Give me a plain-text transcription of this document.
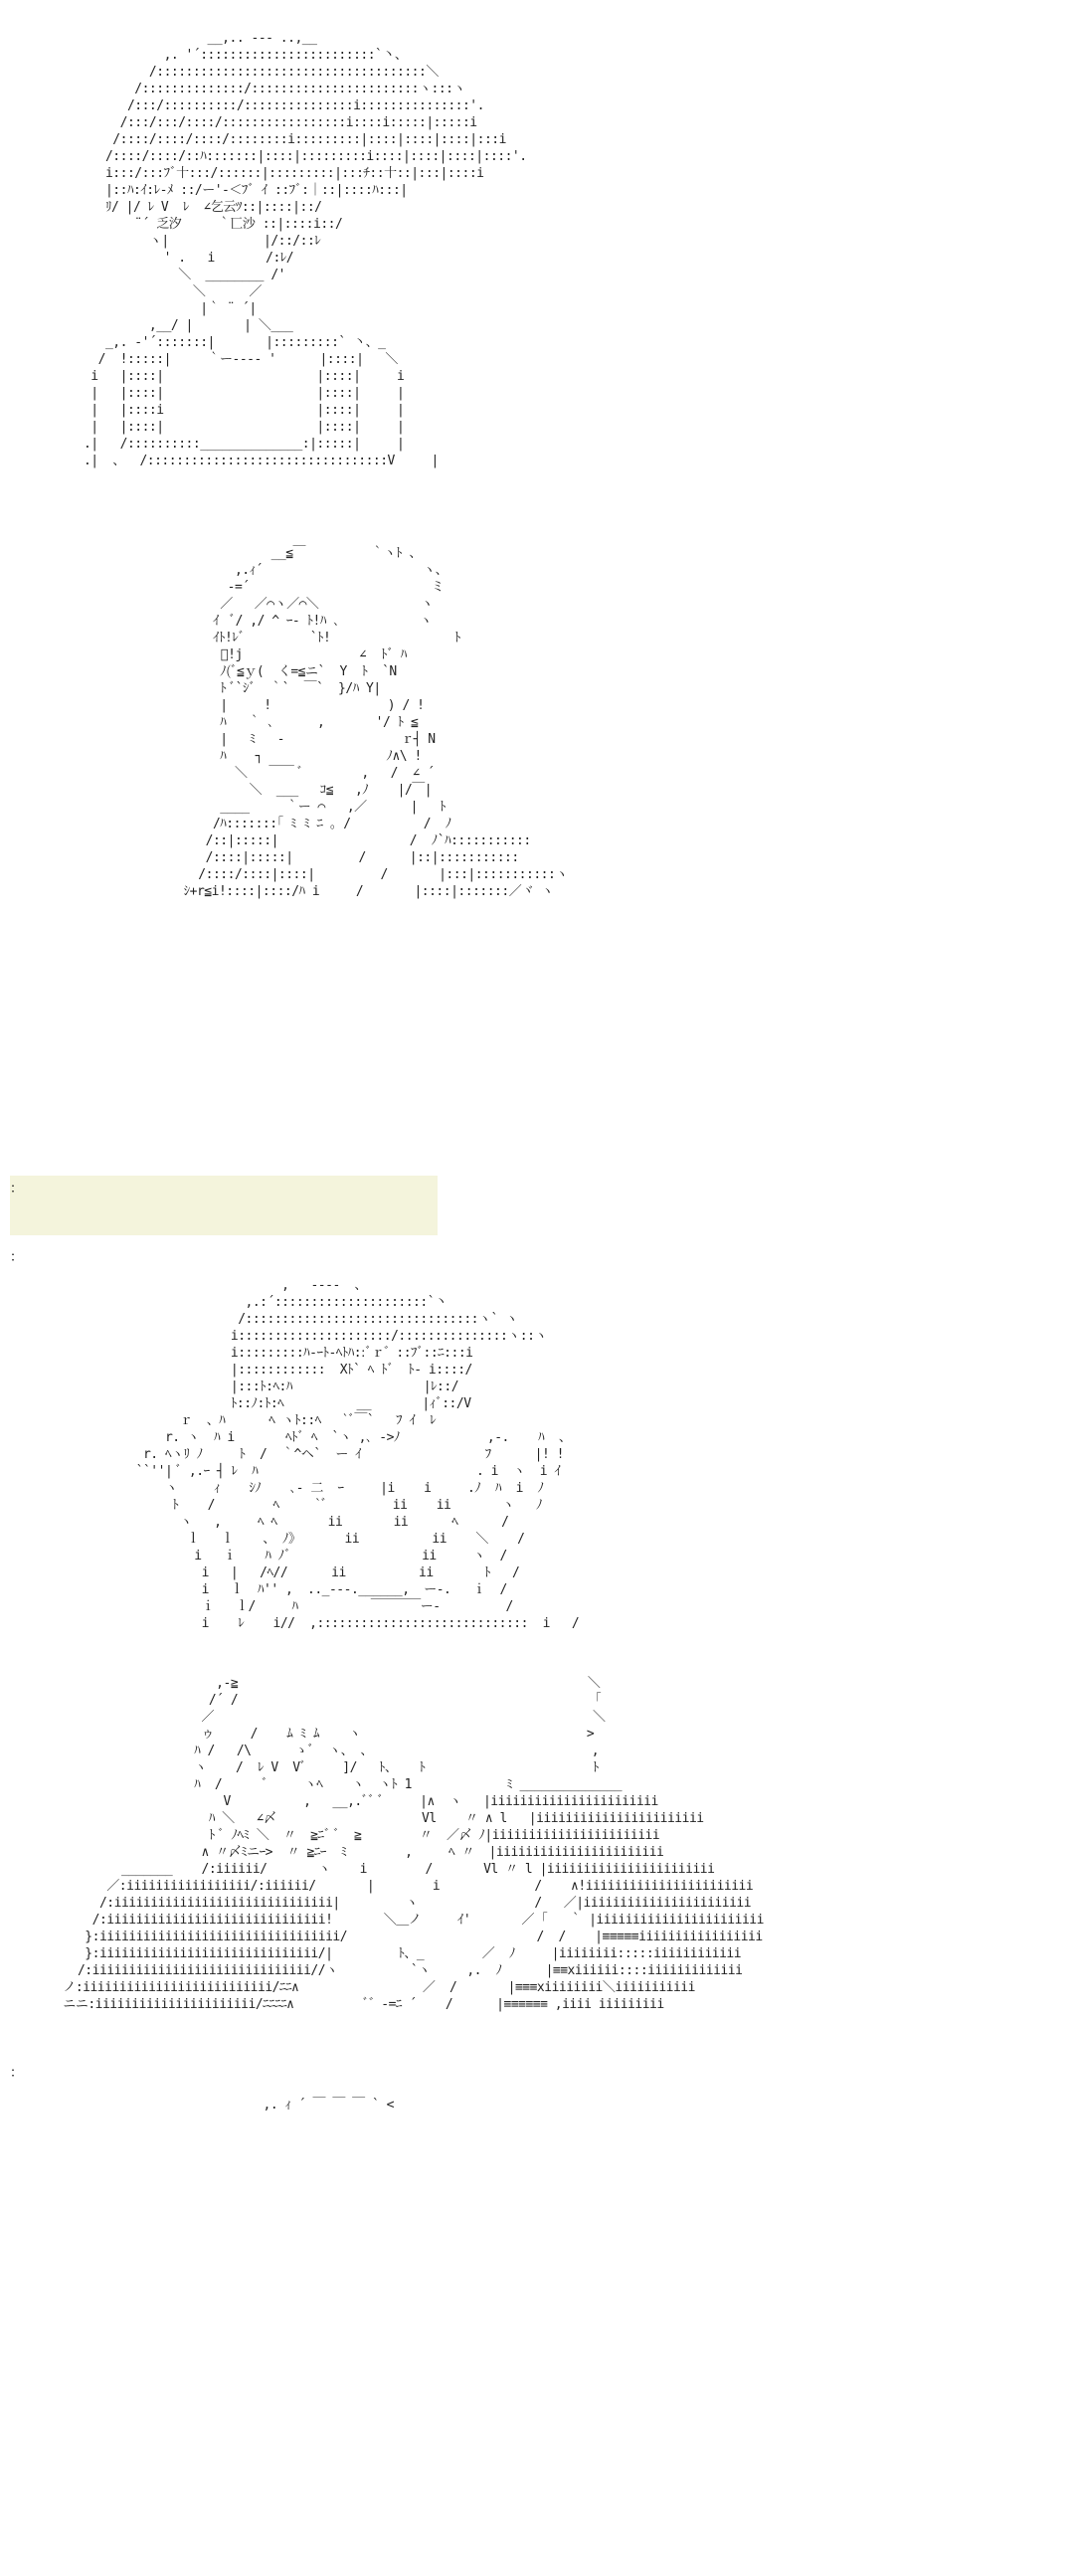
__,.. -‐- ..,__
,. '´::::::::::::::::::::::::`丶、
/:::::::::::::::::::::::::::::::::::::＼
/::::::::::::::/:::::::::::::::::::::::ヽ:::ヽ
/:::/::::::::::/:::::::::::::::i:::::::::::::::'.
/:::/:::/::::/:::::::::::::::::i::::i:::::|:::::i
/::::/::::/::::/::::::::i:::::::::|::::|::::|::::|:::i
/::::/::::/::ﾊ:::::::|::::|:::::::::i::::|::::|::::|::::'.
i:::/:::ﾌﾞ十:::/::::::|:::::::::|:::ﾁ::十::|:::|::::i
|::ﾊ:ｲ:ﾚ-ﾒ ::/ー'‐＜ﾌﾞ ｲ ::ﾌﾞ:｜::|::::ﾊ:::|
ﾘ/ |/ ﾚ V  ﾚ  ∠乞云ﾂ::|::::|::/
¨´ 乏汐     ｀匸沙 ::|::::i::/
ヽ|             |/::/::ﾚ
' .   i       /:ﾚ/
＼  ________ /'
＼      ／
|｀ ¨ ´|
,__/ |       | ＼___
_,. -'´:::::::|       |:::::::::` 丶、_
/  !:::::|     ｀ー---‐ '      |::::|   ＼
i   |::::|                     |::::|     i
|   |::::|                     |::::|     |
|   |::::i                     |::::|     |
|   |::::|                     |::::|     |
.|   /::::::::::______________:|:::::|     |
.|  、  /:::::::::::::::::::::::::::::::::V     |

__≦￣         ｀ヽﾄ 、
,.ｨ´                      ヽ、
-=´                         ミ
／   ／⌒ヽ／⌒＼              ヽ
ｲ  ﾞ/ ,/ ^ ｰ- ﾄ!ﾊ ､           ヽ
ｲﾄ!ﾚﾞ         `ﾄ!                 ﾄ
ﾞ!j                ∠  ﾄﾞ ﾊ
ﾉ(ﾞ≦ｙ(  く=≦ニ`  Y  ﾄ  `N
ﾄ ﾞ`ｼﾞ  ｀`  ￣`  }/ﾊ Y|
|     !                ) / !
ﾊ   ｀ ､      ,       '/ ﾄ ≦
|   ﾐ   -                ｒ┤ N
ﾊ    ┐                 ﾉ∧\ !
＼   ￣￣ ﾞ        ,   /  ∠ ´
＼  ___   ｺ≦   ,ﾉ    |/￣|
____     ｀ー ⌒   ,／      |   ﾄ
/ﾊ:::::::｢ ﾐ ﾐ ﾆ ｡ /          /  ﾉ
/::|:::::|                  /  ﾉ`ﾊ:::::::::::
/::::|:::::|         /      |::|:::::::::::
/::::/::::|::::|         /       |:::|:::::::::::ヽ
ｼ+r≦i!::::|::::/ﾊ i     /       |::::|:::::::／ヾ ヽ

：
：
,   ----  、
,.:´:::::::::::::::::::::`丶
/::::::::::::::::::::::::::::::::ヽ` ヽ
i:::::::::::::::::::::/:::::::::::::::ヽ::ヽ
i:::::::::ﾊ-ｰﾄ-ﾍﾄﾊ::ﾞｒ゛::ﾌﾞ::ﾆ:::i
|::::::::::::  Xﾄ` ﾍ ﾄﾞ  ﾄ- i::::/
|:::ﾄ:ﾍ:ﾊ                  |ﾚ::/
ﾄ::ﾉ:ﾄ:ﾍ          __       |ｨﾞ::/V
ｒ  、ﾊ      ﾍ ヽﾄ::ﾍ   `ﾞ￣`   ﾌ ｲ  ﾚ
r. ヽ  ﾊ i       ﾍﾄﾞ ﾍ  `ヽ ,､ ->ﾉ            ,-.    ﾊ  、
r. ﾍヽﾘ ﾉ     ﾄ  /  ｀^ヘ`  ー ｲ                 ﾌ      |! !
``''| ﾞ ,.ｰ ┤ ﾚ  ﾊ                              . i  ヽ  i ｲ
ヽ     ｨ    ｼﾉ    ､- 二  ｰ     |i    i     .ﾉ  ﾊ  i  ﾉ
ﾄ    /        ﾍ     `ﾞ         ii    ii       ヽ   ﾉ
ヽ   ,     ﾍ ﾍ       ii       ii      ﾍ      /
ｌ   ｌ    、 ﾉ》      ii          ii    ＼    /
i   ｉ    ﾊ ﾉﾞ                  ii     ヽ  /
i   |   /ﾍ//      ii          ii       ﾄ   /
i   ｌ  ﾊ'' ,  .._---.______,  ー-.   ｉ  /
ｉ   ｌ/     ﾊ          ￣￣￣￣ー-         /
i    ﾚ    i//  ,:::::::::::::::::::::::::::::  i   /

,-≧                                                ＼
/´ /                                                 ｢
／                                                    ＼
ゥ     /    ﾑ ﾐ ﾑ    ヽ                               >
ﾊ /   /\      ゝﾞ  ヽ、 、                              ,
ヽ    /  ﾚ V  Vﾞ     ]/   ﾄ、   ﾄ                       ﾄ
ﾊ  /      ﾞ     ヽﾍ    ヽ  ヽﾄ 1             ﾐ ______________
V          ,   __,.ﾞﾞ ﾞ     |∧  ヽ   |iiiiiiiiiiiiiiiiiiiiiii
ﾊ ＼   ∠〆                    Vl    〃 ∧ l   |iiiiiiiiiiiiiiiiiiiiiii
ﾄ ﾞ ﾉﾍﾐ ＼  〃  ≧ﾆﾞ ﾞ  ≧        〃  ／〆 ﾉ|iiiiiiiiiiiiiiiiiiiiiii
∧ 〃〆ﾐニｰ>  〃 ≧ﾆｰ  ﾐ        ,     ﾍ 〃  |iiiiiiiiiiiiiiiiiiiiiii
_______    /:iiiiii/       ヽ    i        /       Vl 〃 l |iiiiiiiiiiiiiiiiiiiiiii
／:iiiiiiiiiiiiiiiii/:iiiiii/       |        i             /    ∧!iiiiiiiiiiiiiiiiiiiiiii
/:iiiiiiiiiiiiiiiiiiiiiiiiiiiiii|         ヽ                /   ／|iiiiiiiiiiiiiiiiiiiiiii
/:iiiiiiiiiiiiiiiiiiiiiiiiiiiiii!       ＼＿ノ     ｲ'       ／ ｢   ｀ |iiiiiiiiiiiiiiiiiiiiiii
}:iiiiiiiiiiiiiiiiiiiiiiiiiiiiiiiii/                          /  /    |≡≡≡≡≡iiiiiiiiiiiiiiiii
}:iiiiiiiiiiiiiiiiiiiiiiiiiiiiii/|         ﾄ、_        ／  ﾉ     |iiiiiiii:::::iiiiiiiiiiii
/:iiiiiiiiiiiiiiiiiiiiiiiiiiiiii//ヽ          `ヽ     ,.  ﾉ      |≡≡xiiiiii::::iiiiiiiiiiiii
ノ:iiiiiiiiiiiiiiiiiiiiiiiiii/ﾆﾆ∧                 ／  /       |≡≡≡xiiiiiiii＼iiiiiiiiiii
ニニ:iiiiiiiiiiiiiiiiiiiiii/ﾆﾆﾆﾆ∧          ﾞ゛-=ﾆ ´    /      |≡≡≡≡≡≡ ,iiii iiiiiiiii

：
,. ｨ ´ ￣ ￣ ￣ ` <
